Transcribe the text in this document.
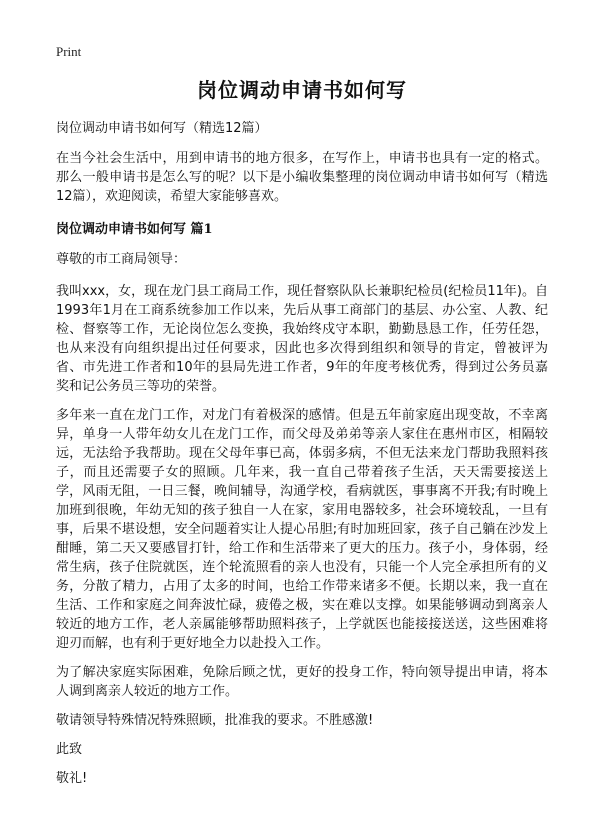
Print
岗位调动申请书如何写

岗位调动申请书如何写（精选12篇）

在当今社会生活中，用到申请书的地方很多，在写作上，申请书也具有一定的格式。那么一般申请书是怎么写的呢？以下是小编收集整理的岗位调动申请书如何写（精选12篇），欢迎阅读，希望大家能够喜欢。

岗位调动申请书如何写 篇1

尊敬的市工商局领导：

我叫xxx，女，现在龙门县工商局工作，现任督察队队长兼职纪检员(纪检员11年)。自1993年1月在工商系统参加工作以来，先后从事工商部门的基层、办公室、人教、纪检、督察等工作，无论岗位怎么变换，我始终戍守本职，勤勤恳恳工作，任劳任怨，也从来没有向组织提出过任何要求，因此也多次得到组织和领导的肯定，曾被评为省、市先进工作者和10年的县局先进工作者，9年的年度考核优秀，得到过公务员嘉奖和记公务员三等功的荣誉。

多年来一直在龙门工作，对龙门有着极深的感情。但是五年前家庭出现变故，不幸离异，单身一人带年幼女儿在龙门工作，而父母及弟弟等亲人家住在惠州市区，相隔较远，无法给予我帮助。现在父母年事已高，体弱多病，不但无法来龙门帮助我照料孩子，而且还需要子女的照顾。几年来，我一直自己带着孩子生活，天天需要接送上学，风雨无阻，一日三餐，晚间辅导，沟通学校，看病就医，事事离不开我;有时晚上加班到很晚，年幼无知的孩子独自一人在家，家用电器较多，社会环境较乱，一旦有事，后果不堪设想，安全问题着实让人提心吊胆;有时加班回家，孩子自己躺在沙发上酣睡，第二天又要感冒打针，给工作和生活带来了更大的压力。孩子小，身体弱，经常生病，孩子住院就医，连个轮流照看的亲人也没有，只能一个人完全承担所有的义务，分散了精力，占用了太多的时间，也给工作带来诸多不便。长期以来，我一直在生活、工作和家庭之间奔波忙碌，疲倦之极，实在难以支撑。如果能够调动到离亲人较近的地方工作，老人亲属能够帮助照料孩子，上学就医也能接接送送，这些困难将迎刃而解，也有利于更好地全力以赴投入工作。

为了解决家庭实际困难，免除后顾之忧，更好的投身工作，特向领导提出申请，将本人调到离亲人较近的地方工作。

敬请领导特殊情况特殊照顾，批准我的要求。不胜感激!

此致

敬礼!
